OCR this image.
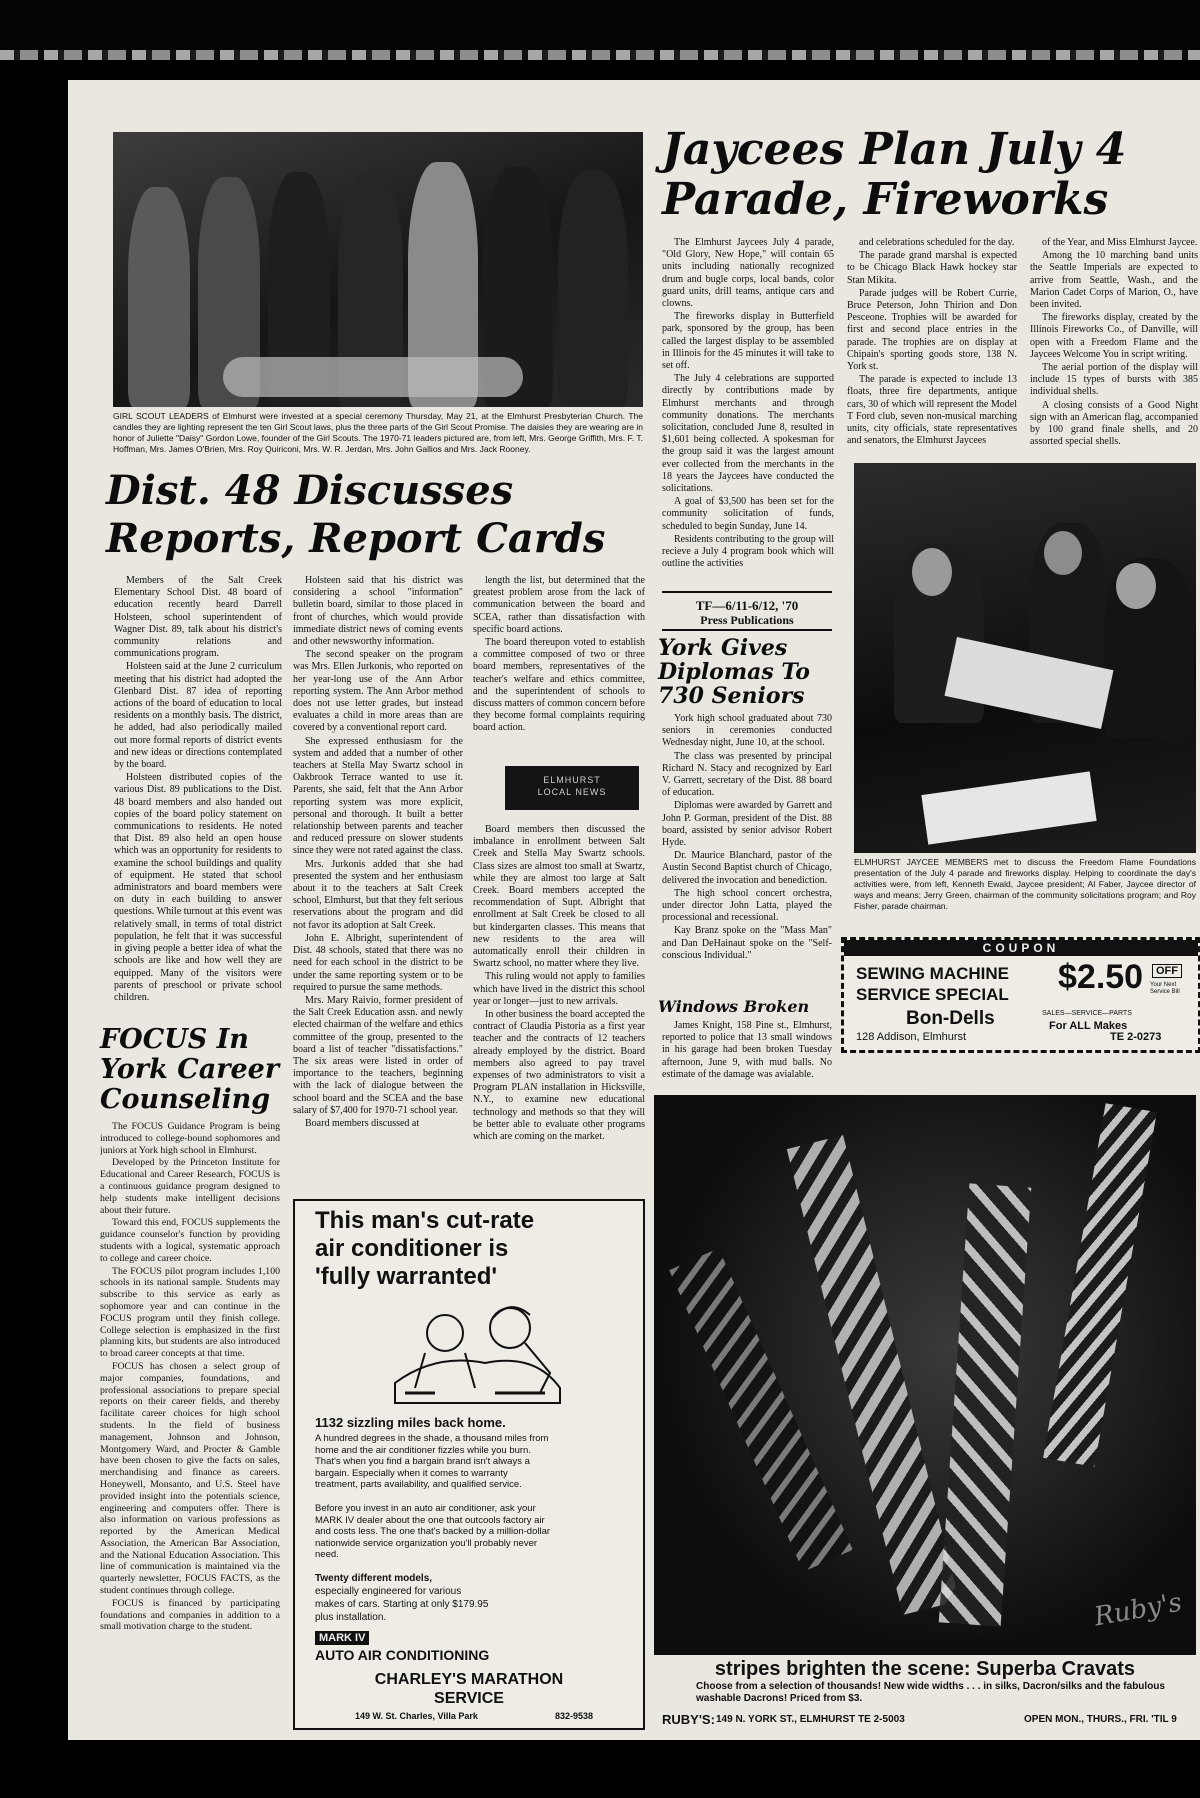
GIRL SCOUT LEADERS of Elmhurst were invested at a special ceremony Thursday, May 21, at the Elmhurst Presbyterian Church. The candles they are lighting represent the ten Girl Scout laws, plus the three parts of the Girl Scout Promise. The daisies they are wearing are in honor of Juliette "Daisy" Gordon Lowe, founder of the Girl Scouts. The 1970-71 leaders pictured are, from left, Mrs. George Griffith, Mrs. F. T. Hoffman, Mrs. James O'Brien, Mrs. Roy Quiriconi, Mrs. W. R. Jerdan, Mrs. John Gallios and Mrs. Jack Rooney.
Jaycees Plan July 4
Parade, Fireworks

The Elmhurst Jaycees July 4 parade, "Old Glory, New Hope," will contain 65 units including nationally recognized drum and bugle corps, local bands, color guard units, drill teams, antique cars and clowns.

The fireworks display in Butterfield park, sponsored by the group, has been called the largest display to be assembled in Illinois for the 45 minutes it will take to set off.

The July 4 celebrations are supported directly by contributions made by Elmhurst merchants and through community donations. The merchants solicitation, concluded June 8, resulted in $1,601 being collected. A spokesman for the group said it was the largest amount ever collected from the merchants in the 18 years the Jaycees have conducted the solicitations.

A goal of $3,500 has been set for the community solicitation of funds, scheduled to begin Sunday, June 14.

Residents contributing to the group will recieve a July 4 program book which will outline the activities

and celebrations scheduled for the day.

The parade grand marshal is expected to be Chicago Black Hawk hockey star Stan Mikita.

Parade judges will be Robert Currie, Bruce Peterson, John Thirion and Don Pesceone. Trophies will be awarded for first and second place entries in the parade. The trophies are on display at Chipain's sporting goods store, 138 N. York st.

The parade is expected to include 13 floats, three fire departments, antique cars, 30 of which will represent the Model T Ford club, seven non-musical marching units, city officials, state representatives and senators, the Elmhurst Jaycees

of the Year, and Miss Elmhurst Jaycee.

Among the 10 marching band units the Seattle Imperials are expected to arrive from Seattle, Wash., and the Marion Cadet Corps of Marion, O., have been invited.

The fireworks display, created by the Illinois Fireworks Co., of Danville, will open with a Freedom Flame and the Jaycees Welcome You in script writing.

The aerial portion of the display will include 15 types of bursts with 385 individual shells.

A closing consists of a Good Night sign with an American flag, accompanied by 100 grand finale shells, and 20 assorted special shells.

Dist. 48 Discusses
Reports, Report Cards

Members of the Salt Creek Elementary School Dist. 48 board of education recently heard Darrell Holsteen, school superintendent of Wagner Dist. 89, talk about his district's community relations and communications program.

Holsteen said at the June 2 curriculum meeting that his district had adopted the Glenbard Dist. 87 idea of reporting actions of the board of education to local residents on a monthly basis. The district, he added, had also periodically mailed out more formal reports of district events and new ideas or directions contemplated by the board.

Holsteen distributed copies of the various Dist. 89 publications to the Dist. 48 board members and also handed out copies of the board policy statement on communications to residents. He noted that Dist. 89 also held an open house which was an opportunity for residents to examine the school buildings and quality of equipment. He stated that school administrators and board members were on duty in each building to answer questions. While turnout at this event was relatively small, in terms of total district population, he felt that it was successful in giving people a better idea of what the schools are like and how well they are equipped. Many of the visitors were parents of preschool or private school children.

Holsteen said that his district was considering a school "information" bulletin board, similar to those placed in front of churches, which would provide immediate district news of coming events and other newsworthy information.

The second speaker on the program was Mrs. Ellen Jurkonis, who reported on her year-long use of the Ann Arbor reporting system. The Ann Arbor method does not use letter grades, but instead evaluates a child in more areas than are covered by a conventional report card.

She expressed enthusiasm for the system and added that a number of other teachers at Stella May Swartz school in Oakbrook Terrace wanted to use it. Parents, she said, felt that the Ann Arbor reporting system was more explicit, personal and thorough. It built a better relationship between parents and teacher and reduced pressure on slower students since they were not rated against the class.

Mrs. Jurkonis added that she had presented the system and her enthusiasm about it to the teachers at Salt Creek school, Elmhurst, but that they felt serious reservations about the program and did not favor its adoption at Salt Creek.

John E. Albright, superintendent of Dist. 48 schools, stated that there was no need for each school in the district to be under the same reporting system or to be required to pursue the same methods.

Mrs. Mary Raivio, former president of the Salt Creek Education assn. and newly elected chairman of the welfare and ethics committee of the group, presented to the board a list of teacher "dissatisfactions." The six areas were listed in order of importance to the teachers, beginning with the lack of dialogue between the school board and the SCEA and the base salary of $7,400 for 1970-71 school year.

Board members discussed at

length the list, but determined that the greatest problem arose from the lack of communication between the board and SCEA, rather than dissatisfaction with specific board actions.

The board thereupon voted to establish a committee composed of two or three board members, representatives of the teacher's welfare and ethics committee, and the superintendent of schools to discuss matters of common concern before they become formal complaints requiring board action.

ELMHURST
LOCAL NEWS

Board members then discussed the imbalance in enrollment between Salt Creek and Stella May Swartz schools. Class sizes are almost too small at Swartz, while they are almost too large at Salt Creek. Board members accepted the recommendation of Supt. Albright that enrollment at Salt Creek be closed to all but kindergarten classes. This means that new residents to the area will automatically enroll their children in Swartz school, no matter where they live.

This ruling would not apply to families which have lived in the district this school year or longer—just to new arrivals.

In other business the board accepted the contract of Claudia Pistoria as a first year teacher and the contracts of 12 teachers already employed by the district. Board members also agreed to pay travel expenses of two administrators to visit a Program PLAN installation in Hicksville, N.Y., to examine new educational technology and methods so that they will be better able to evaluate other programs which are coming on the market.

FOCUS In
York Career
Counseling

The FOCUS Guidance Program is being introduced to college-bound sophomores and juniors at York high school in Elmhurst.

Developed by the Princeton Institute for Educational and Career Research, FOCUS is a continuous guidance program designed to help students make intelligent decisions about their future.

Toward this end, FOCUS supplements the guidance counselor's function by providing students with a logical, systematic approach to college and career choice.

The FOCUS pilot program includes 1,100 schools in its national sample. Students may subscribe to this service as early as sophomore year and can continue in the FOCUS program until they finish college. College selection is emphasized in the first planning kits, but students are also introduced to broad career concepts at that time.

FOCUS has chosen a select group of major companies, foundations, and professional associations to prepare special reports on their career fields, and thereby facilitate career choices for high school students. In the field of business management, Johnson and Johnson, Montgomery Ward, and Procter & Gamble have been chosen to give the facts on sales, merchandising and finance as careers. Honeywell, Monsanto, and U.S. Steel have provided insight into the potentials science, engineering and computers offer. There is also information on various professions as reported by the American Medical Association, the American Bar Association, and the National Education Association. This line of communication is maintained via the quarterly newsletter, FOCUS FACTS, as the student continues through college.

FOCUS is financed by participating foundations and companies in addition to a small motivation charge to the student.

TF—6/11-6/12, '70
Press Publications
York Gives
Diplomas To
730 Seniors

York high school graduated about 730 seniors in ceremonies conducted Wednesday night, June 10, at the school.

The class was presented by principal Richard N. Stacy and recognized by Earl V. Garrett, secretary of the Dist. 88 board of education.

Diplomas were awarded by Garrett and John P. Gorman, president of the Dist. 88 board, assisted by senior advisor Robert Hyde.

Dr. Maurice Blanchard, pastor of the Austin Second Baptist church of Chicago, delivered the invocation and benediction.

The high school concert orchestra, under director John Latta, played the processional and recessional.

Kay Branz spoke on the "Mass Man" and Dan DeHainaut spoke on the "Self-conscious Individual."

Windows Broken

James Knight, 158 Pine st., Elmhurst, reported to police that 13 small windows in his garage had been broken Tuesday afternoon, June 9, with mud balls. No estimate of the damage was avialable.

ELMHURST JAYCEE MEMBERS met to discuss the Freedom Flame Foundations presentation of the July 4 parade and fireworks display. Helping to coordinate the day's activities were, from left, Kenneth Ewald, Jaycee president; Al Faber, Jaycee director of ways and means; Jerry Green, chairman of the community solicitations program; and Roy Fisher, parade chairman.
COUPON
SEWING MACHINE
SERVICE SPECIAL $2.50	OFF
Your Next Service Bill
Bon-Dells	SALES—SERVICE—PARTS
For ALL Makes
128 Addison, Elmhurst	TE 2-0273
This man's cut-rate
air conditioner is
'fully warranted'
1132 sizzling miles back home.
A hundred degrees in the shade, a thousand miles from home and the air conditioner fizzles while you burn. That's when you find a bargain brand isn't always a bargain. Especially when it comes to warranty treatment, parts availability, and qualified service.
Before you invest in an auto air conditioner, ask your MARK IV dealer about the one that outcools factory air and costs less. The one that's backed by a million-dollar nationwide service organization you'll probably never need.
Twenty different models,
especially engineered for various
makes of cars. Starting at only $179.95
plus installation.
MARK IV
AUTO AIR CONDITIONING
CHARLEY'S MARATHON
SERVICE
149 W. St. Charles, Villa Park	832-9538
Ruby's
stripes brighten the scene: Superba Cravats
Choose from a selection of thousands! New wide widths . . . in silks, Dacron/silks and the fabulous washable Dacrons! Priced from $3.
RUBY'S: 149 N. YORK ST., ELMHURST TE 2-5003	OPEN MON., THURS., FRI. 'TIL 9
